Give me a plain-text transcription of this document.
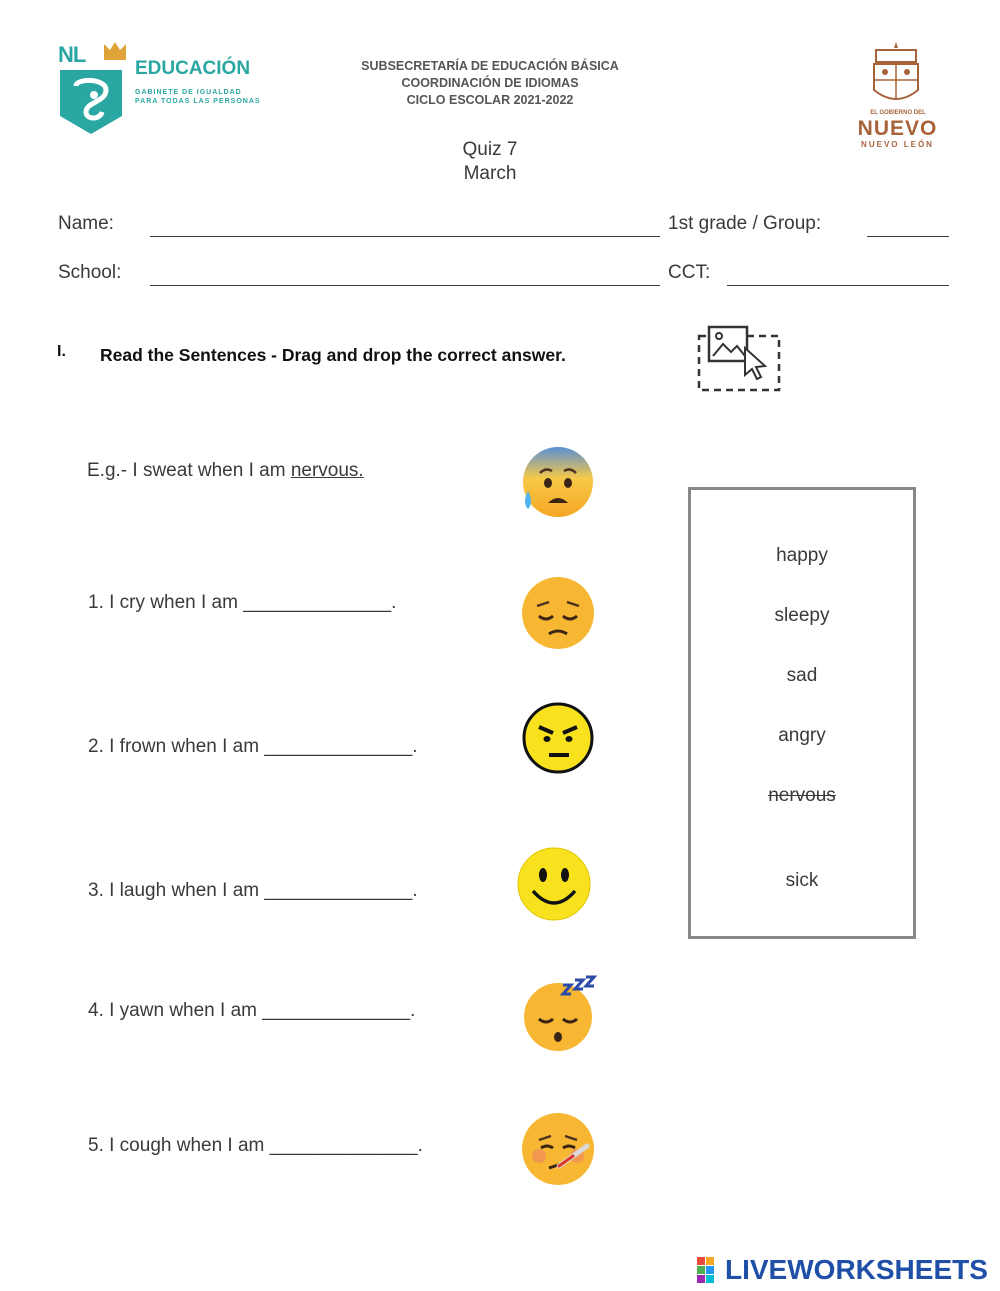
NL
EDUCACIÓN
GABINETE DE IGUALDAD PARA TODAS LAS PERSONAS
SUBSECRETARÍA DE EDUCACIÓN BÁSICA
COORDINACIÓN DE IDIOMAS
CICLO ESCOLAR 2021-2022
EL GOBIERNO DEL
NUEVO
NUEVO LEÓN
Quiz 7
March
Name:	1st grade / Group:
School:	CCT:
I. Read the Sentences - Drag and drop the correct answer.
E.g.- I sweat when I am nervous.
1. I cry when I am ______________.
2. I frown when I am ______________.
3. I laugh when I am ______________.
4. I yawn when I am ______________.
5. I cough when I am ______________.
happy
sleepy
sad
angry
nervous
sick
LIVEWORKSHEETS
